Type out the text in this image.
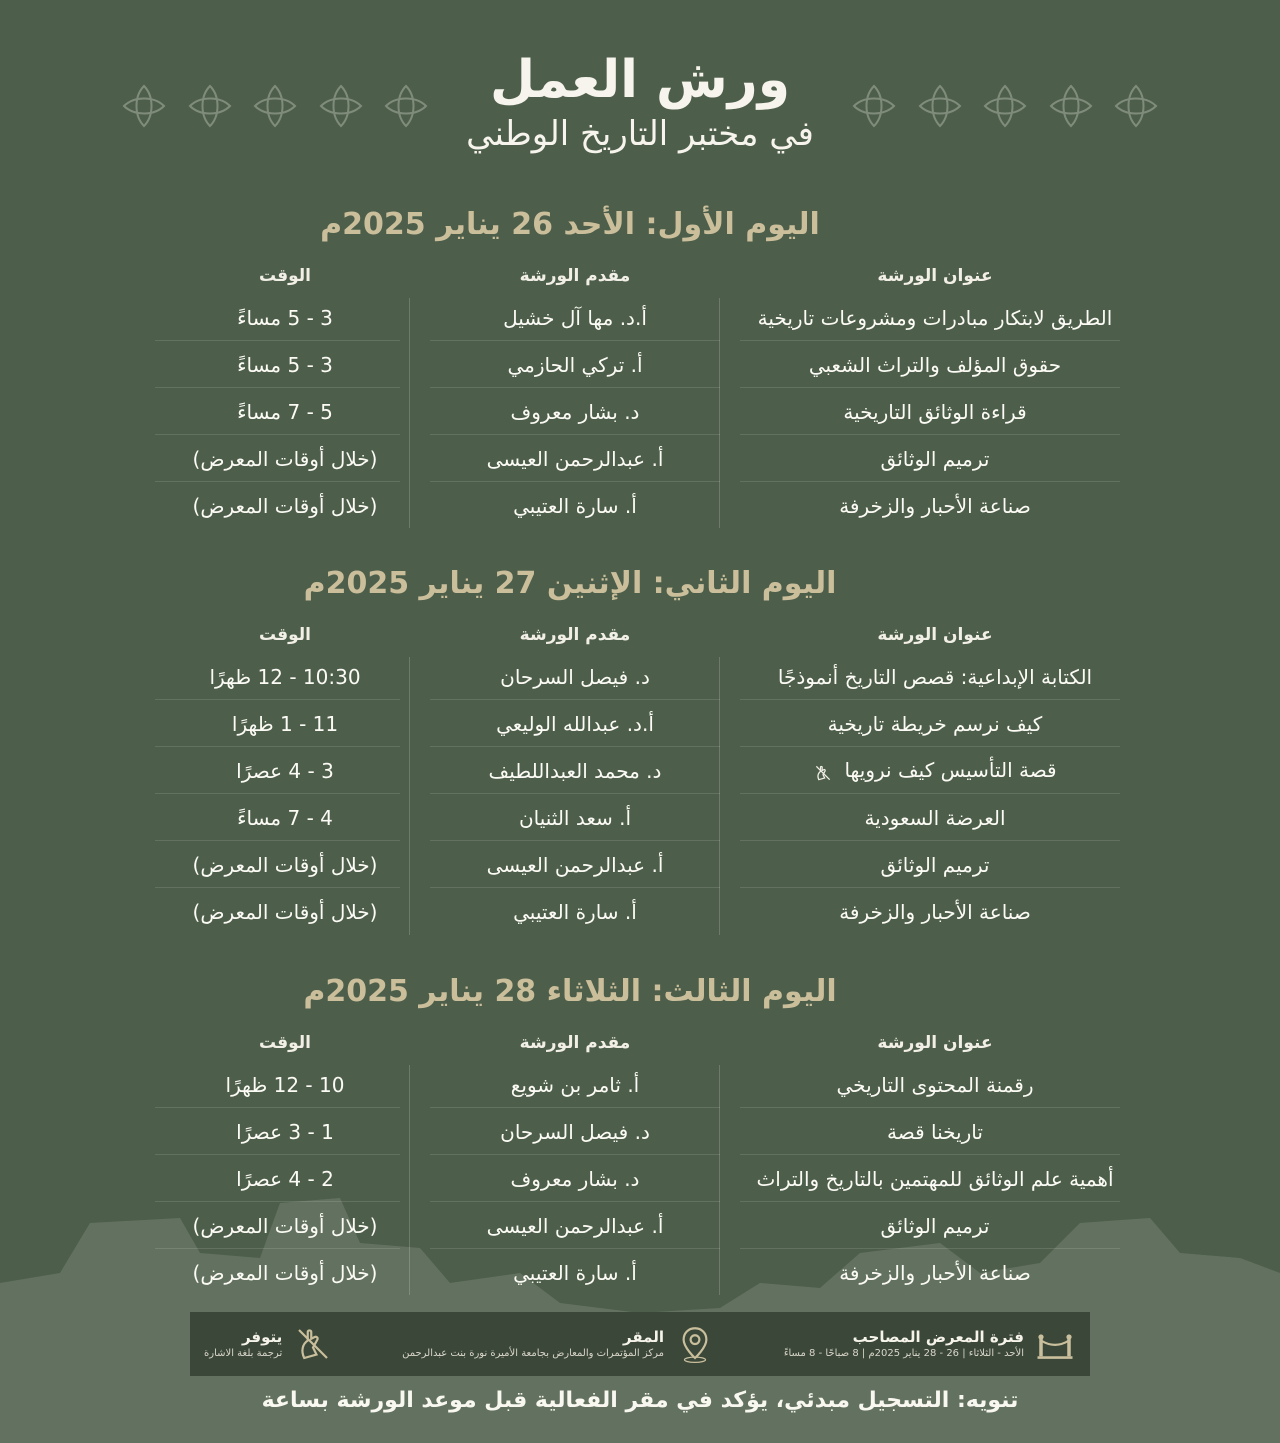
ورش العمل

في مختبر التاريخ الوطني

اليوم الأول: الأحد 26 يناير 2025م
عنوان الورشة
مقدم الورشة
الوقت
الطريق لابتكار مبادرات ومشروعات تاريخية
أ.د. مها آل خشيل
3 - 5 مساءً
حقوق المؤلف والتراث الشعبي
أ. تركي الحازمي
3 - 5 مساءً
قراءة الوثائق التاريخية
د. بشار معروف
5 - 7 مساءً
ترميم الوثائق
أ. عبدالرحمن العيسى
(خلال أوقات المعرض)
صناعة الأحبار والزخرفة
أ. سارة العتيبي
(خلال أوقات المعرض)
اليوم الثاني: الإثنين 27 يناير 2025م
عنوان الورشة
مقدم الورشة
الوقت
الكتابة الإبداعية: قصص التاريخ أنموذجًا
د. فيصل السرحان
10:30 - 12 ظهرًا
كيف نرسم خريطة تاريخية
أ.د. عبدالله الوليعي
11 - 1 ظهرًا
قصة التأسيس كيف نرويها
د. محمد العبداللطيف
3 - 4 عصرًا
العرضة السعودية
أ. سعد الثنيان
4 - 7 مساءً
ترميم الوثائق
أ. عبدالرحمن العيسى
(خلال أوقات المعرض)
صناعة الأحبار والزخرفة
أ. سارة العتيبي
(خلال أوقات المعرض)
اليوم الثالث: الثلاثاء 28 يناير 2025م
عنوان الورشة
مقدم الورشة
الوقت
رقمنة المحتوى التاريخي
أ. ثامر بن شويع
10 - 12 ظهرًا
تاريخنا قصة
د. فيصل السرحان
1 - 3 عصرًا
أهمية علم الوثائق للمهتمين بالتاريخ والتراث
د. بشار معروف
2 - 4 عصرًا
ترميم الوثائق
أ. عبدالرحمن العيسى
(خلال أوقات المعرض)
صناعة الأحبار والزخرفة
أ. سارة العتيبي
(خلال أوقات المعرض)
فترة المعرض المصاحب
الأحد - الثلاثاء | 26 - 28 يناير 2025م | 8 صباحًا - 8 مساءً
المقر
مركز المؤتمرات والمعارض بجامعة الأميرة نورة بنت عبدالرحمن
يتوفر
ترجمة بلغة الاشارة
تنويه: التسجيل مبدئي، يؤكد في مقر الفعالية قبل موعد الورشة بساعة
